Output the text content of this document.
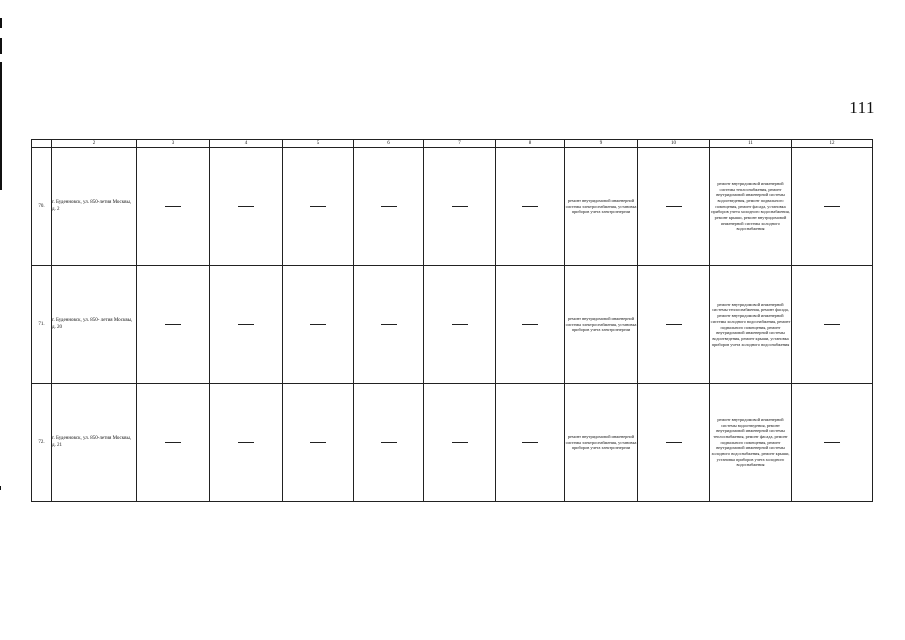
111
	2	3	4	5	6	7	8	9	10	11	12
70.	г. Буденновск, ул. 850-летия Москвы, д. 2							ремонт внутридомовой инженерной системы электроснабжения, установка приборов учета электроэнергии		ремонт внутридомовой инженерной системы теплоснабжения, ремонт внутридомовой инженерной системы водоотведения, ремонт подвального помещения, ремонт фасада, установка приборов учета холодного водоснабжения, ремонт крыши, ремонт внутридомовой инженерной системы холодного водоснабжения	
71.	г. Буденновск, ул. 850- летия Москвы, д. 20							ремонт внутридомовой инженерной системы электроснабжения, установка приборов учета электроэнергии		ремонт внутридомовой инженерной системы теплоснабжения, ремонт фасада, ремонт внутридомовой инженерной системы холодного водоснабжения, ремонт подвального помещения, ремонт внутридомовой инженерной системы водоотведения, ремонт крыши, установка приборов учета холодного водоснабжения	
72.	г. Буденновск, ул. 850-летия Москвы, д. 21							ремонт внутридомовой инженерной системы электроснабжения, установка приборов учета электроэнергии		ремонт внутридомовой инженерной системы водоотведения, ремонт внутридомовой инженерной системы теплоснабжения, ремонт фасада, ремонт подвального помещения, ремонт внутридомовой инженерной системы холодного водоснабжения, ремонт крыши, установка приборов учета холодного водоснабжения	
